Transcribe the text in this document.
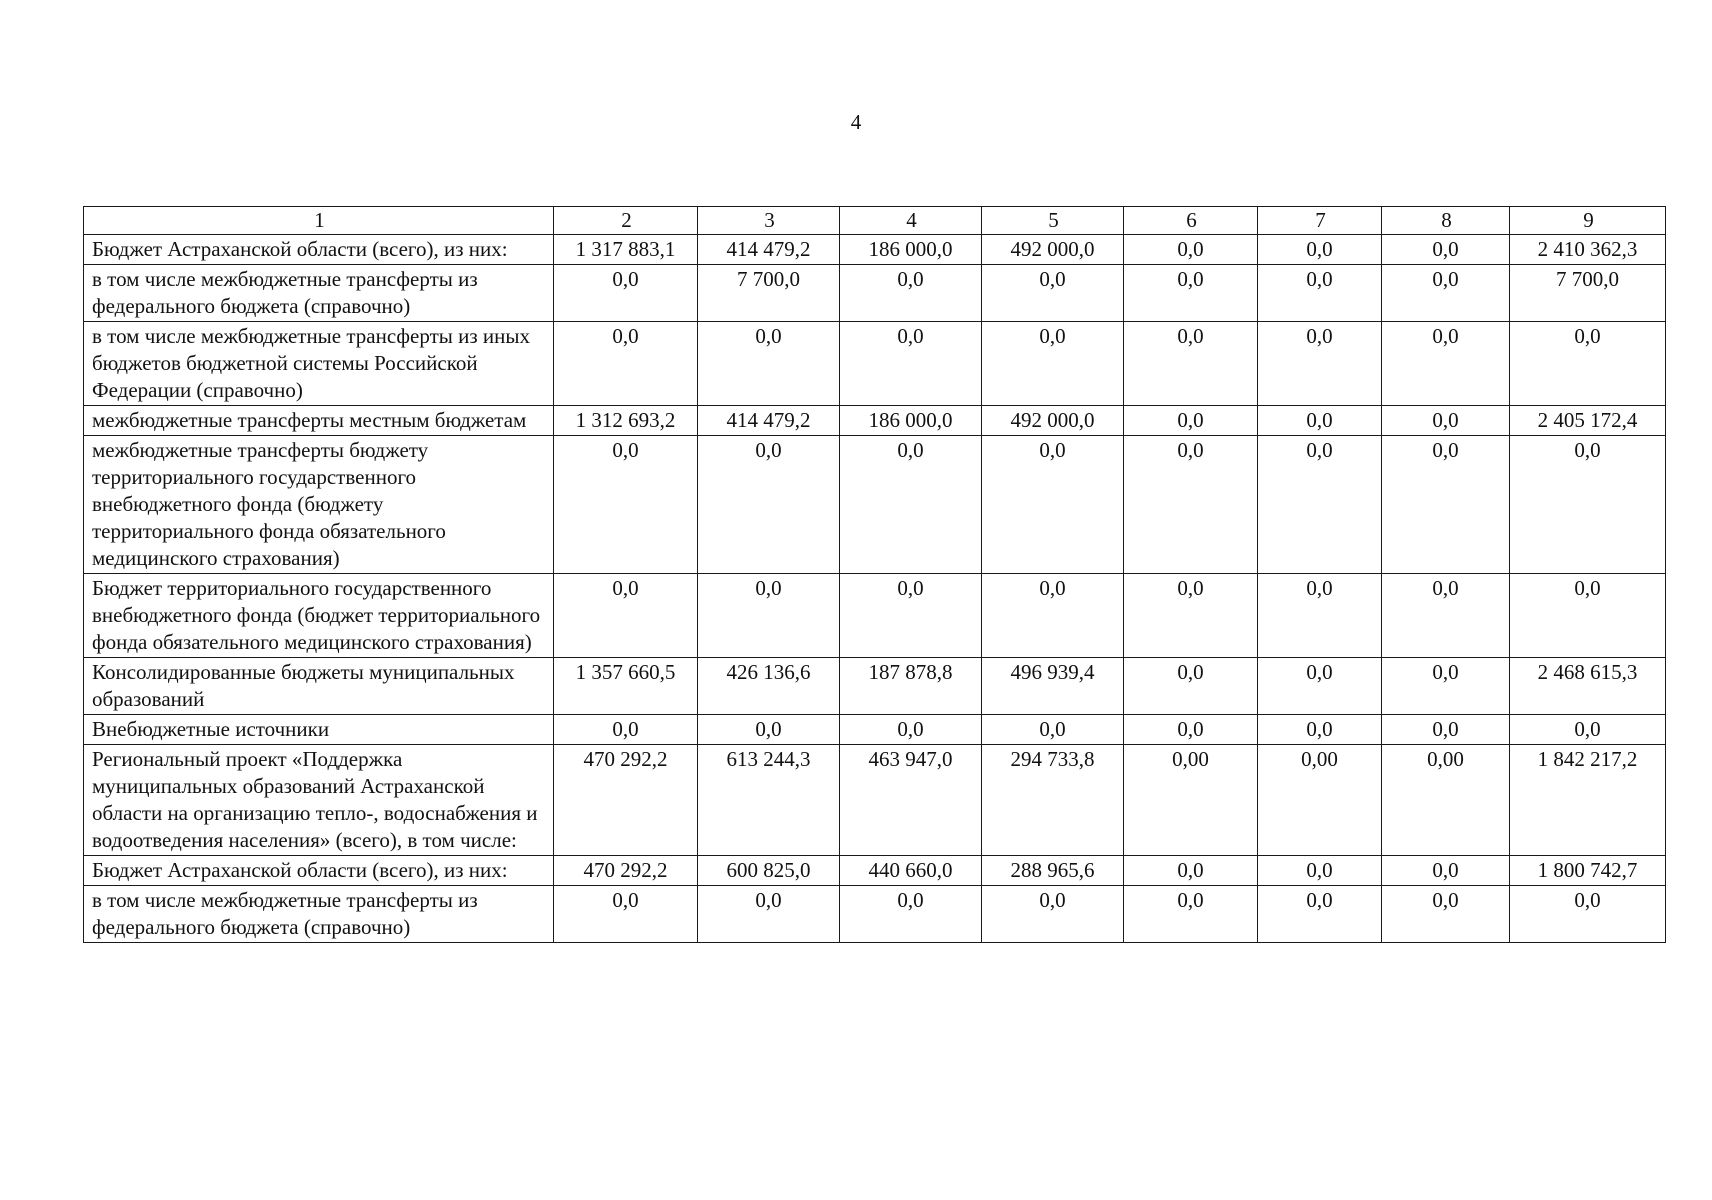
4
1	2	3	4	5	6	7	8	9
Бюджет Астраханской области (всего), из них:	1 317 883,1	414 479,2	186 000,0	492 000,0	0,0	0,0	0,0	2 410 362,3
в том числе межбюджетные трансферты из федерального бюджета (справочно)	0,0	7 700,0	0,0	0,0	0,0	0,0	0,0	7 700,0
в том числе межбюджетные трансферты из иных бюджетов бюджетной системы Российской Федерации (справочно)	0,0	0,0	0,0	0,0	0,0	0,0	0,0	0,0
межбюджетные трансферты местным бюджетам	1 312 693,2	414 479,2	186 000,0	492 000,0	0,0	0,0	0,0	2 405 172,4
межбюджетные трансферты бюджету территориального государственного внебюджетного фонда (бюджету территориального фонда обязательного медицинского страхования)	0,0	0,0	0,0	0,0	0,0	0,0	0,0	0,0
Бюджет территориального государственного внебюджетного фонда (бюджет территориального фонда обязательного медицинского страхования)	0,0	0,0	0,0	0,0	0,0	0,0	0,0	0,0
Консолидированные бюджеты муниципальных образований	1 357 660,5	426 136,6	187 878,8	496 939,4	0,0	0,0	0,0	2 468 615,3
Внебюджетные источники	0,0	0,0	0,0	0,0	0,0	0,0	0,0	0,0
Региональный проект «Поддержка муниципальных образований Астраханской области на организацию тепло-, водоснабжения и водоотведения населения» (всего), в том числе:	470 292,2	613 244,3	463 947,0	294 733,8	0,00	0,00	0,00	1 842 217,2
Бюджет Астраханской области (всего), из них:	470 292,2	600 825,0	440 660,0	288 965,6	0,0	0,0	0,0	1 800 742,7
в том числе межбюджетные трансферты из федерального бюджета (справочно)	0,0	0,0	0,0	0,0	0,0	0,0	0,0	0,0
